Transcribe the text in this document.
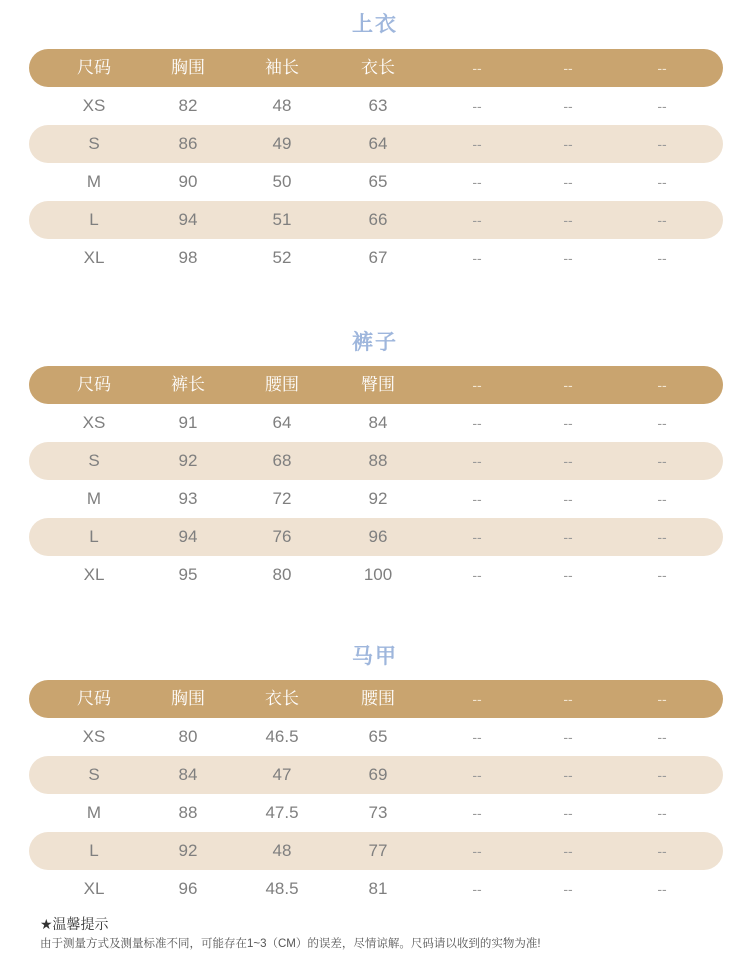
上衣
尺码	胸围	袖长	衣长	--	--	--
XS	82	48	63	--	--	--
S	86	49	64	--	--	--
M	90	50	65	--	--	--
L	94	51	66	--	--	--
XL	98	52	67	--	--	--
裤子
尺码	裤长	腰围	臀围	--	--	--
XS	91	64	84	--	--	--
S	92	68	88	--	--	--
M	93	72	92	--	--	--
L	94	76	96	--	--	--
XL	95	80	100	--	--	--
马甲
尺码	胸围	衣长	腰围	--	--	--
XS	80	46.5	65	--	--	--
S	84	47	69	--	--	--
M	88	47.5	73	--	--	--
L	92	48	77	--	--	--
XL	96	48.5	81	--	--	--
★温馨提示
由于测量方式及测量标准不同，可能存在1~3（CM）的误差，尽情谅解。尺码请以收到的实物为准!
